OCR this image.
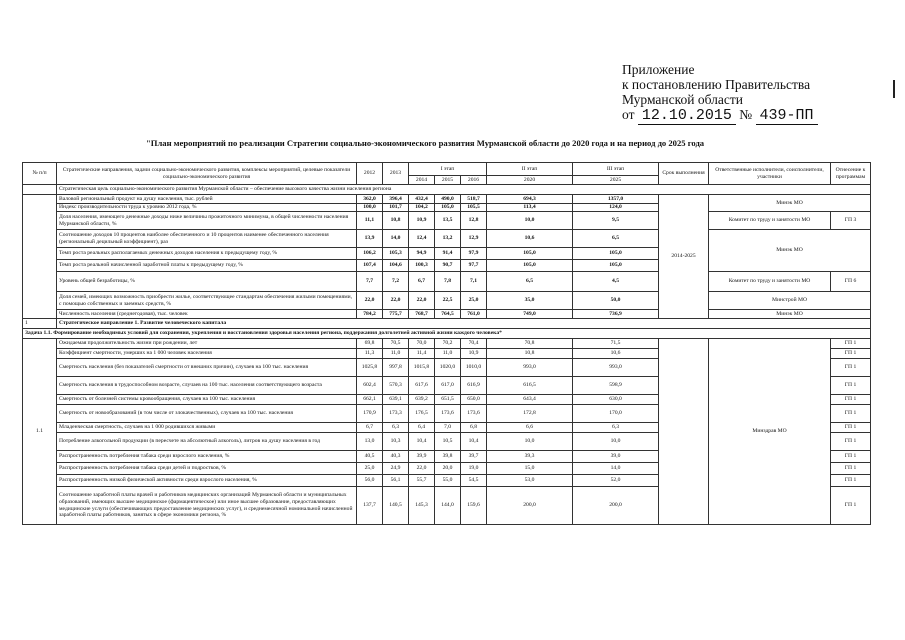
Приложение
к постановлению Правительства
Мурманской области
от 12.10.2015 № 439-ПП
"План мероприятий по реализации Стратегии социально-экономического развития Мурманской области до 2020 года и на период до 2025 года
№ п/п	Стратегические направления, задачи социально-экономического развития, комплексы мероприятий, целевые показатели социально-экономического развития	2012	2013	I этап			II этап	III этап	Срок выполнения	Ответственные исполнители, соисполнители, участники	Отнесение к программам
				2014	2015	2016	2020	2025			
	Стратегическая цель социально-экономического развития Мурманской области – обеспечение высокого качества жизни населения региона										
	Валовой региональный продукт на душу населения, тыс. рублей	362,0	396,4	432,4	490,0	518,7	694,3	1357,0	2014-2025	Минэк МО	
	Индекс производительности труда к уровню 2012 года, %	100,0	101,7	104,2	105,0	105,5	113,4	124,0			
	Доля населения, имеющего денежные доходы ниже величины прожиточного минимума, в общей численности населения Мурманской области, %	11,1	10,8	10,9	13,5	12,8	10,0	9,5		Комитет по труду и занятости МО	ГП 3
	Соотношение доходов 10 процентов наиболее обеспеченного и 10 процентов наименее обеспеченного населения (региональный децильный коэффициент), раз	13,9	14,0	12,4	13,2	12,9	10,6	6,5		Минэк МО	
	Темп роста реальных располагаемых денежных доходов населения к предыдущему году, %	106,2	105,3	94,9	91,4	97,9	105,0	105,0			
	Темп роста реальной начисленной заработной платы к предыдущему году, %	107,4	104,6	100,3	90,7	97,7	105,0	105,0			
	Уровень общей безработицы, %	7,7	7,2	6,7	7,8	7,1	6,5	4,5		Комитет по труду и занятости МО	ГП 6
	Доля семей, имеющих возможность приобрести жилье, соответствующее стандартам обеспечения жилыми помещениями, с помощью собственных и заемных средств, %	22,0	22,0	22,0	22,5	25,0	35,0	50,0		Минстрой МО	
	Численность населения (среднегодовая), тыс. человек	784,2	775,7	768,7	764,5	761,0	749,0	736,9		Минэк МО	
1	Стратегическое направление 1. Развитие человеческого капитала										
Задача 1.1. Формирование необходимых условий для сохранения, укрепления и восстановления здоровья населения региона, поддержания долголетней активной жизни каждого человека*											
1.1	Ожидаемая продолжительность жизни при рождении, лет	69,8	70,5	70,0	70,2	70,4	70,8	71,5		Минздрав МО	ГП 1
	Коэффициент смертности, умерших на 1 000 человек населения	11,3	11,0	11,4	11,0	10,9	10,8	10,6			ГП 1
	Смертность населения (без показателей смертности от внешних причин), случаев на 100 тыс. населения	1025,8	997,8	1015,8	1020,0	1010,0	993,0	993,0			ГП 1
	Смертность населения в трудоспособном возрасте, случаев на 100 тыс. населения соответствующего возраста	602,4	570,3	617,6	617,0	616,9	616,5	598,9			ГП 1
	Смертность от болезней системы кровообращения, случаев на 100 тыс. населения	662,1	639,1	639,2	651,5	650,0	643,4	630,0			ГП 1
	Смертность от новообразований (в том числе от злокачественных), случаев на 100 тыс. населения	170,9	173,3	176,5	173,6	173,6	172,8	170,0			ГП 1
	Младенческая смертность, случаев на 1 000 родившихся живыми	6,7	6,3	6,4	7,0	6,8	6,6	6,3			ГП 1
	Потребление алкогольной продукции (в пересчете на абсолютный алкоголь), литров на душу населения в год	13,0	10,3	10,4	10,5	10,4	10,0	10,0			ГП 1
	Распространенность потребления табака среди взрослого населения, %	40,5	40,3	39,9	39,8	39,7	39,3	39,0			ГП 1
	Распространенность потребления табака среди детей и подростков, %	25,0	24,9	22,0	20,0	19,0	15,0	14,0			ГП 1
	Распространенность низкой физической активности среди взрослого населения, %	56,0	56,1	55,7	55,0	54,5	53,0	52,0			ГП 1
	Соотношение заработной платы врачей и работников медицинских организаций Мурманской области и муниципальных образований, имеющих высшее медицинское (фармацевтическое) или иное высшее образование, предоставляющих медицинские услуги (обеспечивающих предоставление медицинских услуг), и среднемесячной номинальной начисленной заработной платы работников, занятых в сфере экономики региона, %	137,7	140,5	145,3	144,0	159,6	200,0	200,0			ГП 1
